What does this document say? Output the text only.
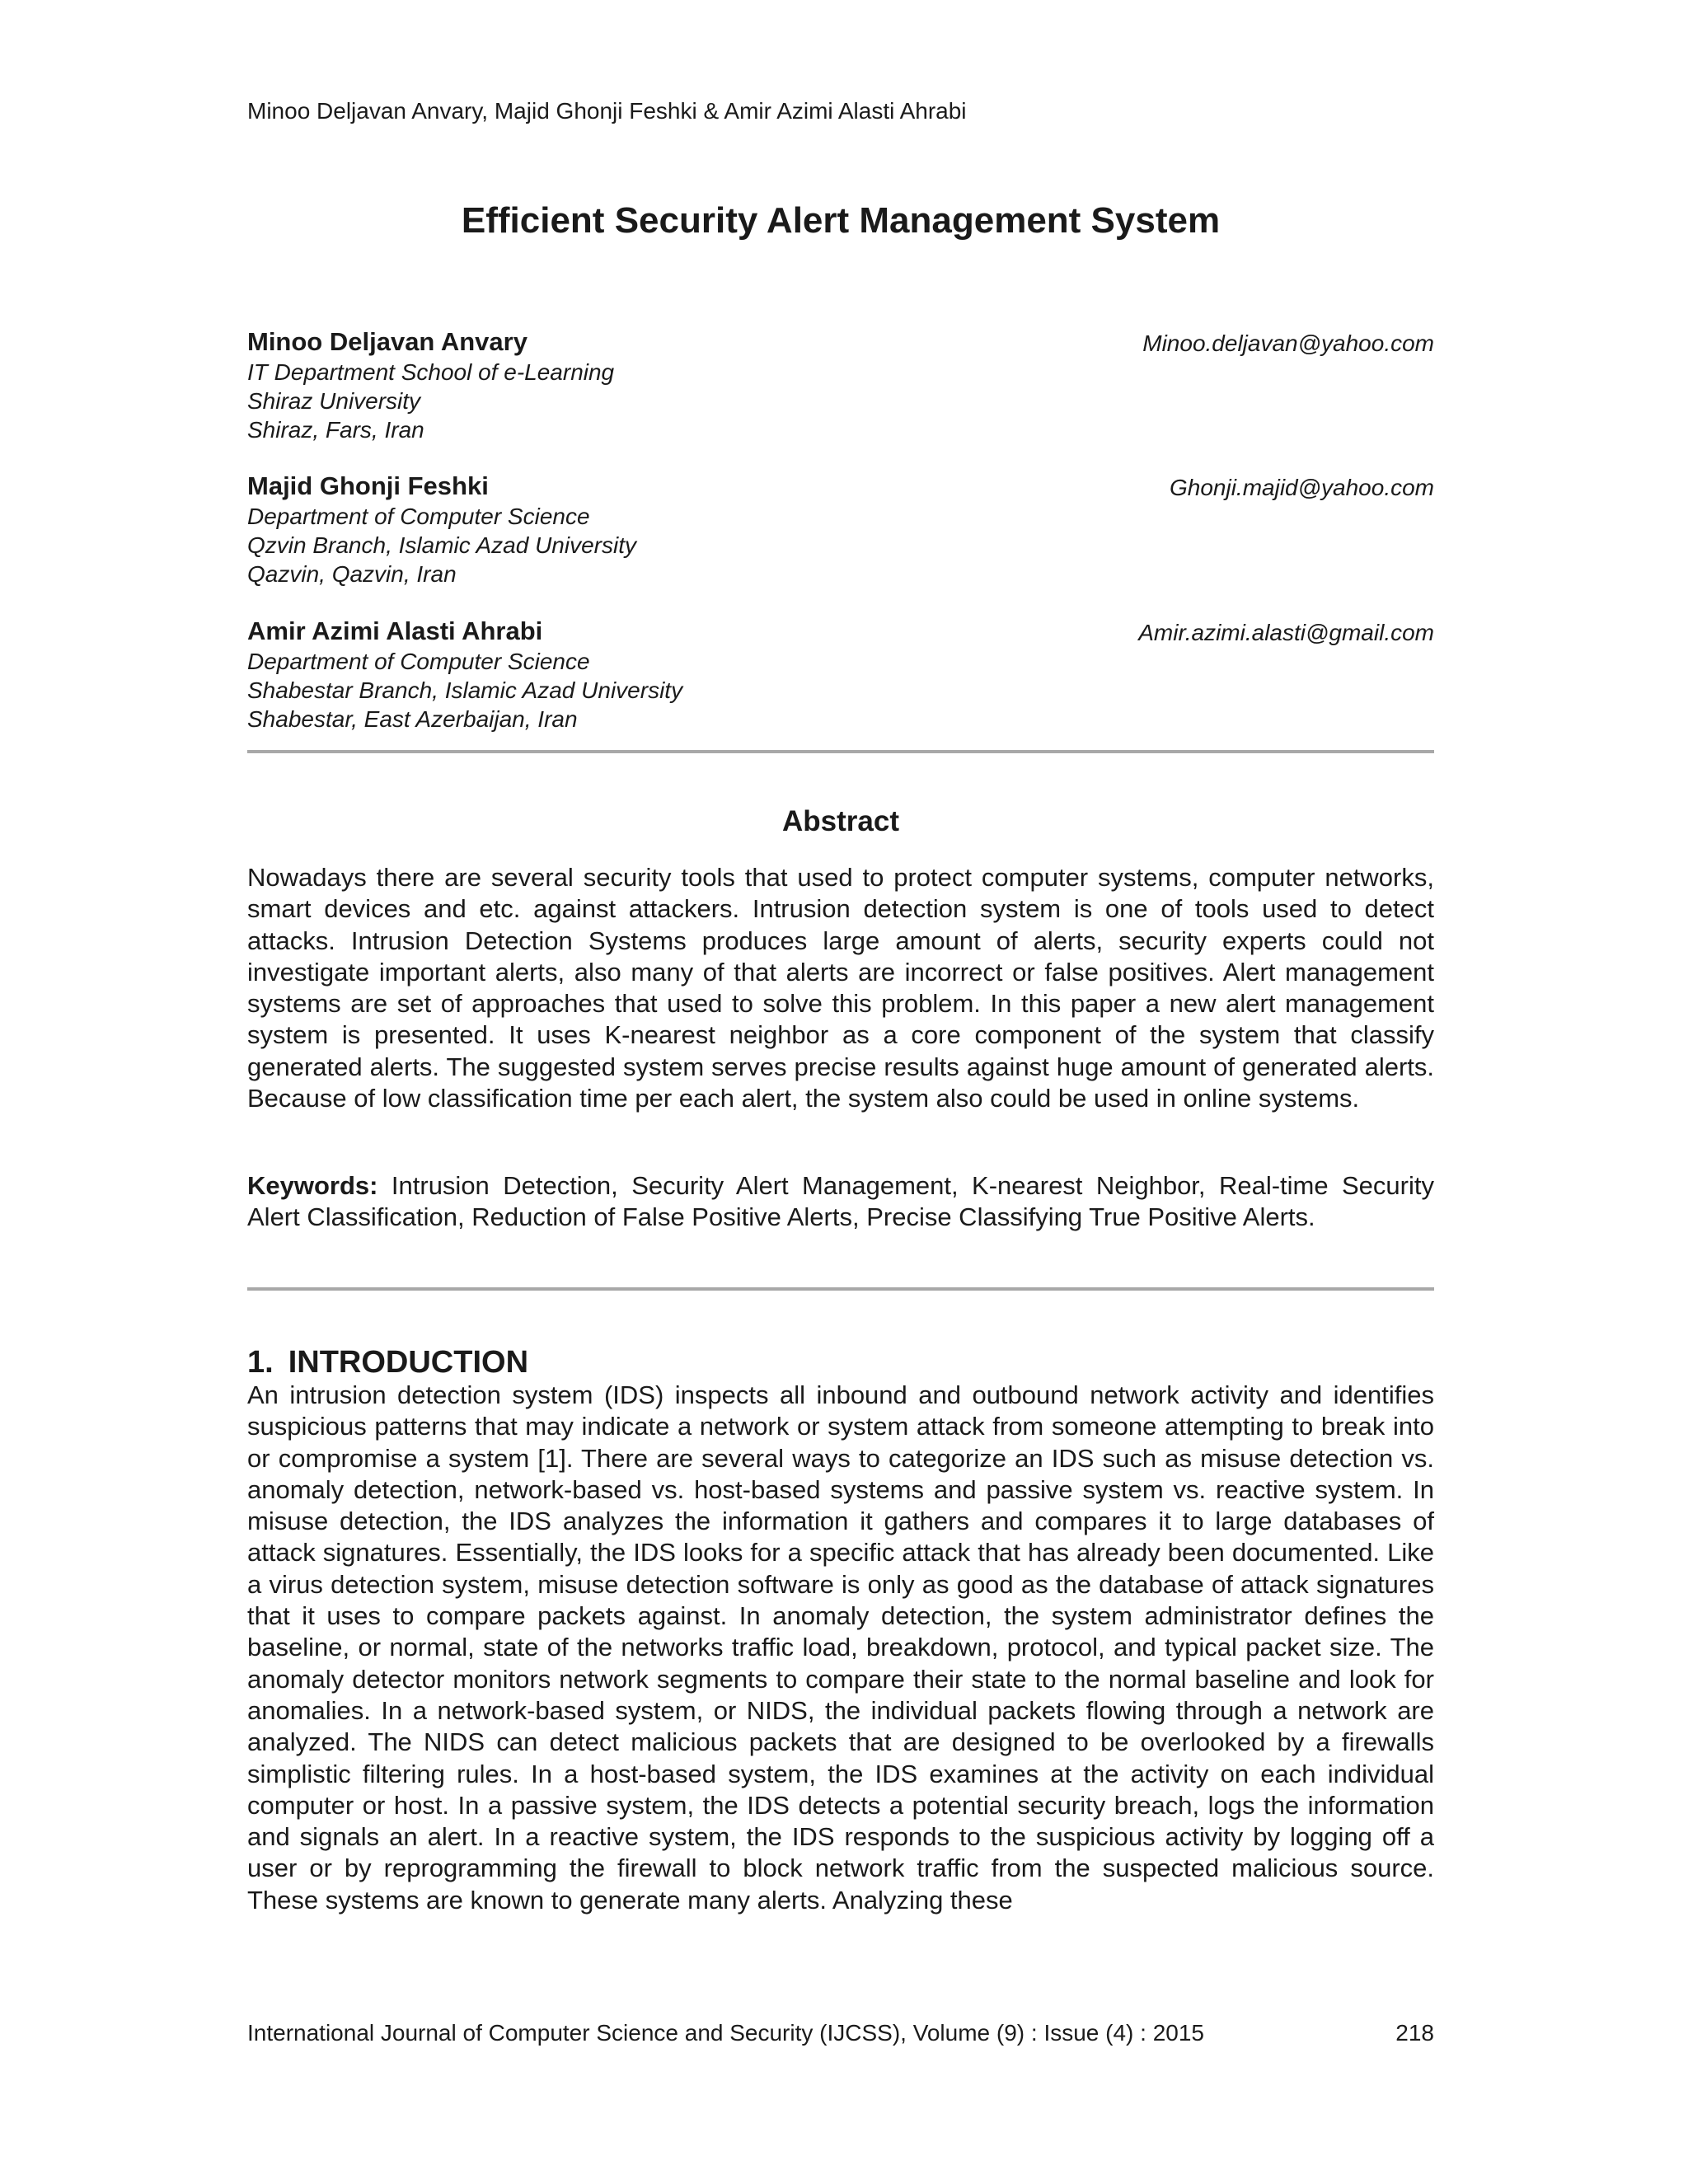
Minoo Deljavan Anvary, Majid Ghonji Feshki & Amir Azimi Alasti Ahrabi
Efficient Security Alert Management System
Minoo Deljavan Anvary	Minoo.deljavan@yahoo.com
IT Department School of e-Learning
Shiraz University
Shiraz, Fars, Iran
Majid Ghonji Feshki	Ghonji.majid@yahoo.com
Department of Computer Science
Qzvin Branch, Islamic Azad University
Qazvin, Qazvin, Iran
Amir Azimi Alasti Ahrabi	Amir.azimi.alasti@gmail.com
Department of Computer Science
Shabestar Branch, Islamic Azad University
Shabestar, East Azerbaijan, Iran
Abstract
Nowadays there are several security tools that used to protect computer systems, computer networks, smart devices and etc. against attackers. Intrusion detection system is one of tools used to detect attacks. Intrusion Detection Systems produces large amount of alerts, security experts could not investigate important alerts, also many of that alerts are incorrect or false positives. Alert management systems are set of approaches that used to solve this problem. In this paper a new alert management system is presented. It uses K-nearest neighbor as a core component of the system that classify generated alerts. The suggested system serves precise results against huge amount of generated alerts. Because of low classification time per each alert, the system also could be used in online systems.
Keywords: Intrusion Detection, Security Alert Management, K-nearest Neighbor, Real-time Security Alert Classification, Reduction of False Positive Alerts, Precise Classifying True Positive Alerts.
1. INTRODUCTION
An intrusion detection system (IDS) inspects all inbound and outbound network activity and identifies suspicious patterns that may indicate a network or system attack from someone attempting to break into or compromise a system [1]. There are several ways to categorize an IDS such as misuse detection vs. anomaly detection, network-based vs. host-based systems and passive system vs. reactive system. In misuse detection, the IDS analyzes the information it gathers and compares it to large databases of attack signatures. Essentially, the IDS looks for a specific attack that has already been documented. Like a virus detection system, misuse detection software is only as good as the database of attack signatures that it uses to compare packets against. In anomaly detection, the system administrator defines the baseline, or normal, state of the networks traffic load, breakdown, protocol, and typical packet size. The anomaly detector monitors network segments to compare their state to the normal baseline and look for anomalies. In a network-based system, or NIDS, the individual packets flowing through a network are analyzed. The NIDS can detect malicious packets that are designed to be overlooked by a firewalls simplistic filtering rules. In a host-based system, the IDS examines at the activity on each individual computer or host. In a passive system, the IDS detects a potential security breach, logs the information and signals an alert. In a reactive system, the IDS responds to the suspicious activity by logging off a user or by reprogramming the firewall to block network traffic from the suspected malicious source. These systems are known to generate many alerts. Analyzing these
International Journal of Computer Science and Security (IJCSS), Volume (9) : Issue (4) : 2015	218
